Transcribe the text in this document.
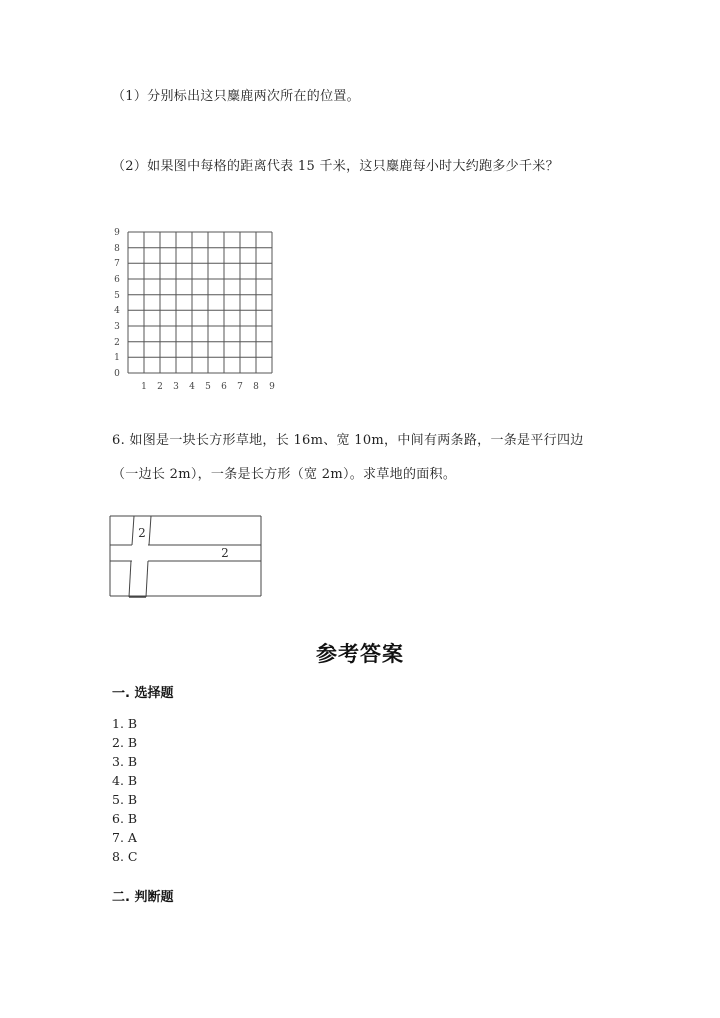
（1）分别标出这只麋鹿两次所在的位置。
（2）如果图中每格的距离代表 15 千米，这只麋鹿每小时大约跑多少千米？
9
8
7
6
5
4
3
2
1
0
1	2	3	4	5	6	7	8	9
6. 如图是一块长方形草地，长 16m、宽 10m，中间有两条路，一条是平行四边
（一边长 2m），一条是长方形（宽 2m）。求草地的面积。
2
2
参考答案
一. 选择题
1. B
2. B
3. B
4. B
5. B
6. B
7. A
8. C
二. 判断题
